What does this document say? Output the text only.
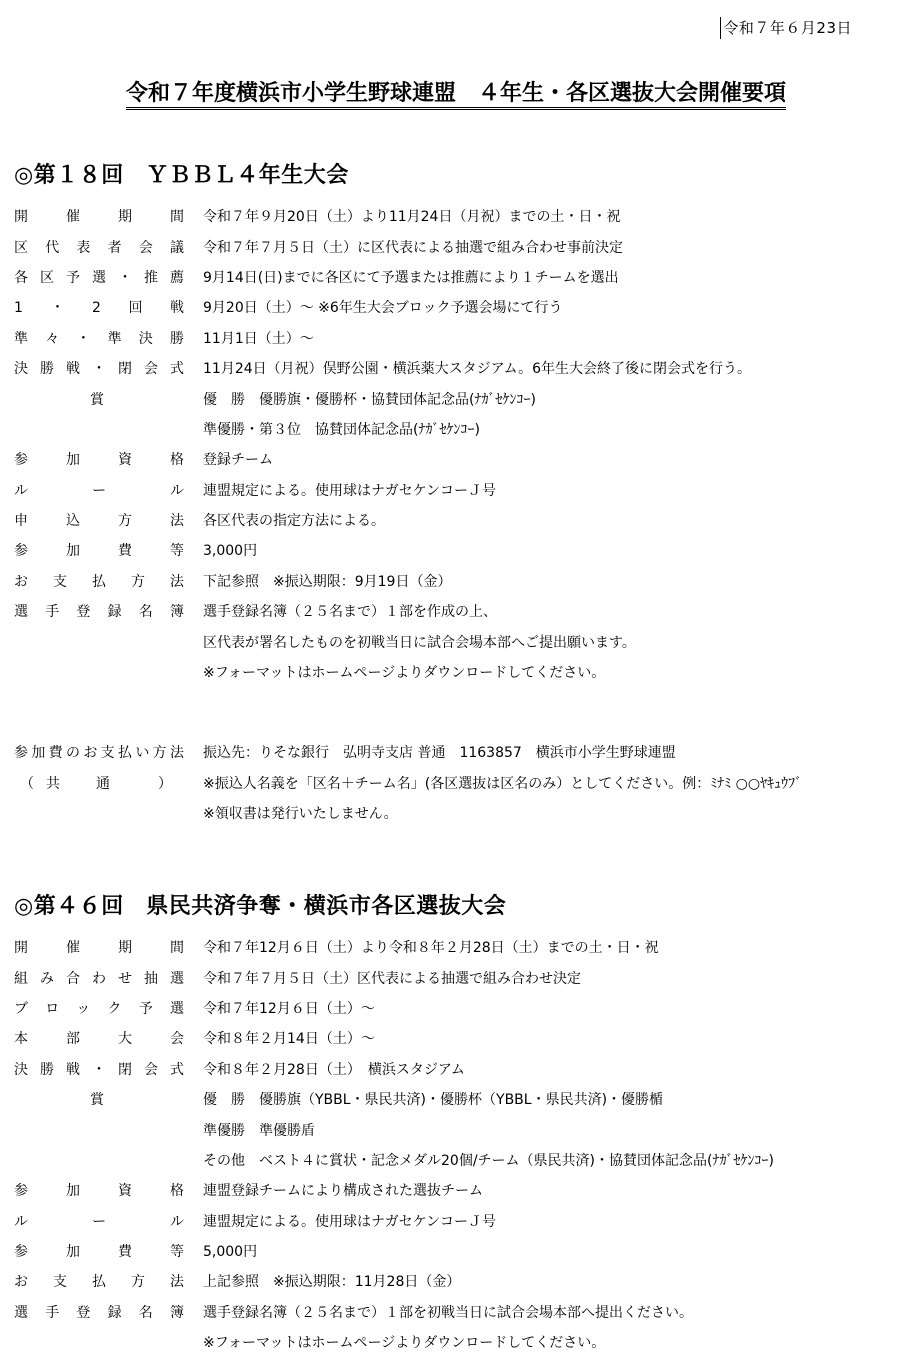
令和７年６月23日
令和７年度横浜市小学生野球連盟　４年生・各区選抜大会開催要項
◎第１８回　ＹＢＢＬ４年生大会
開催期間 令和７年９月20日（土）より11月24日（月祝）までの土・日・祝
区代表者会議 令和７年７月５日（土）に区代表による抽選で組み合わせ事前決定
各区予選・推薦 9月14日(日)までに各区にて予選または推薦により１チームを選出
1・2回戦 9月20日（土）～ ※6年生大会ブロック予選会場にて行う
準々・準決勝 11月1日（土）～
決勝戦・閉会式 11月24日（月祝）俣野公園・横浜薬大スタジアム。6年生大会終了後に閉会式を行う。
賞	優　勝　優勝旗・優勝杯・協賛団体記念品(ﾅｶﾞｾｹﾝｺｰ)
準優勝・第３位　協賛団体記念品(ﾅｶﾞｾｹﾝｺｰ)
参加資格 登録チーム
ルール 連盟規定による。使用球はナガセケンコーＪ号
申込方法 各区代表の指定方法による。
参加費等 3,000円
お支払方法 下記参照　※振込期限：9月19日（金）
選手登録名簿 選手登録名簿（２５名まで）１部を作成の上、
区代表が署名したものを初戦当日に試合会場本部へご提出願います。
※フォーマットはホームページよりダウンロードしてください。
参加費のお支払い方法 振込先：りそな銀行　弘明寺支店 普通　1163857　横浜市小学生野球連盟
（ 共通 ） ※振込人名義を「区名＋チーム名」(各区選抜は区名のみ）としてください。例：ﾐﾅﾐ ○○ﾔｷｭｳﾌﾞ
※領収書は発行いたしません。
◎第４６回　県民共済争奪・横浜市各区選抜大会
開催期間 令和７年12月６日（土）より令和８年２月28日（土）までの土・日・祝
組み合わせ抽選 令和７年７月５日（土）区代表による抽選で組み合わせ決定
ブロック予選 令和７年12月６日（土）～
本部大会 令和８年２月14日（土）～
決勝戦・閉会式 令和８年２月28日（土）　横浜スタジアム
賞	優　勝　優勝旗（YBBL・県民共済)・優勝杯（YBBL・県民共済)・優勝楯
準優勝　準優勝盾
その他　ベスト４に賞状・記念メダル20個/チーム（県民共済)・協賛団体記念品(ﾅｶﾞｾｹﾝｺｰ)
参加資格 連盟登録チームにより構成された選抜チーム
ルール 連盟規定による。使用球はナガセケンコーＪ号
参加費等 5,000円
お支払方法 上記参照　※振込期限：11月28日（金）
選手登録名簿 選手登録名簿（２５名まで）１部を初戦当日に試合会場本部へ提出ください。
※フォーマットはホームページよりダウンロードしてください。
